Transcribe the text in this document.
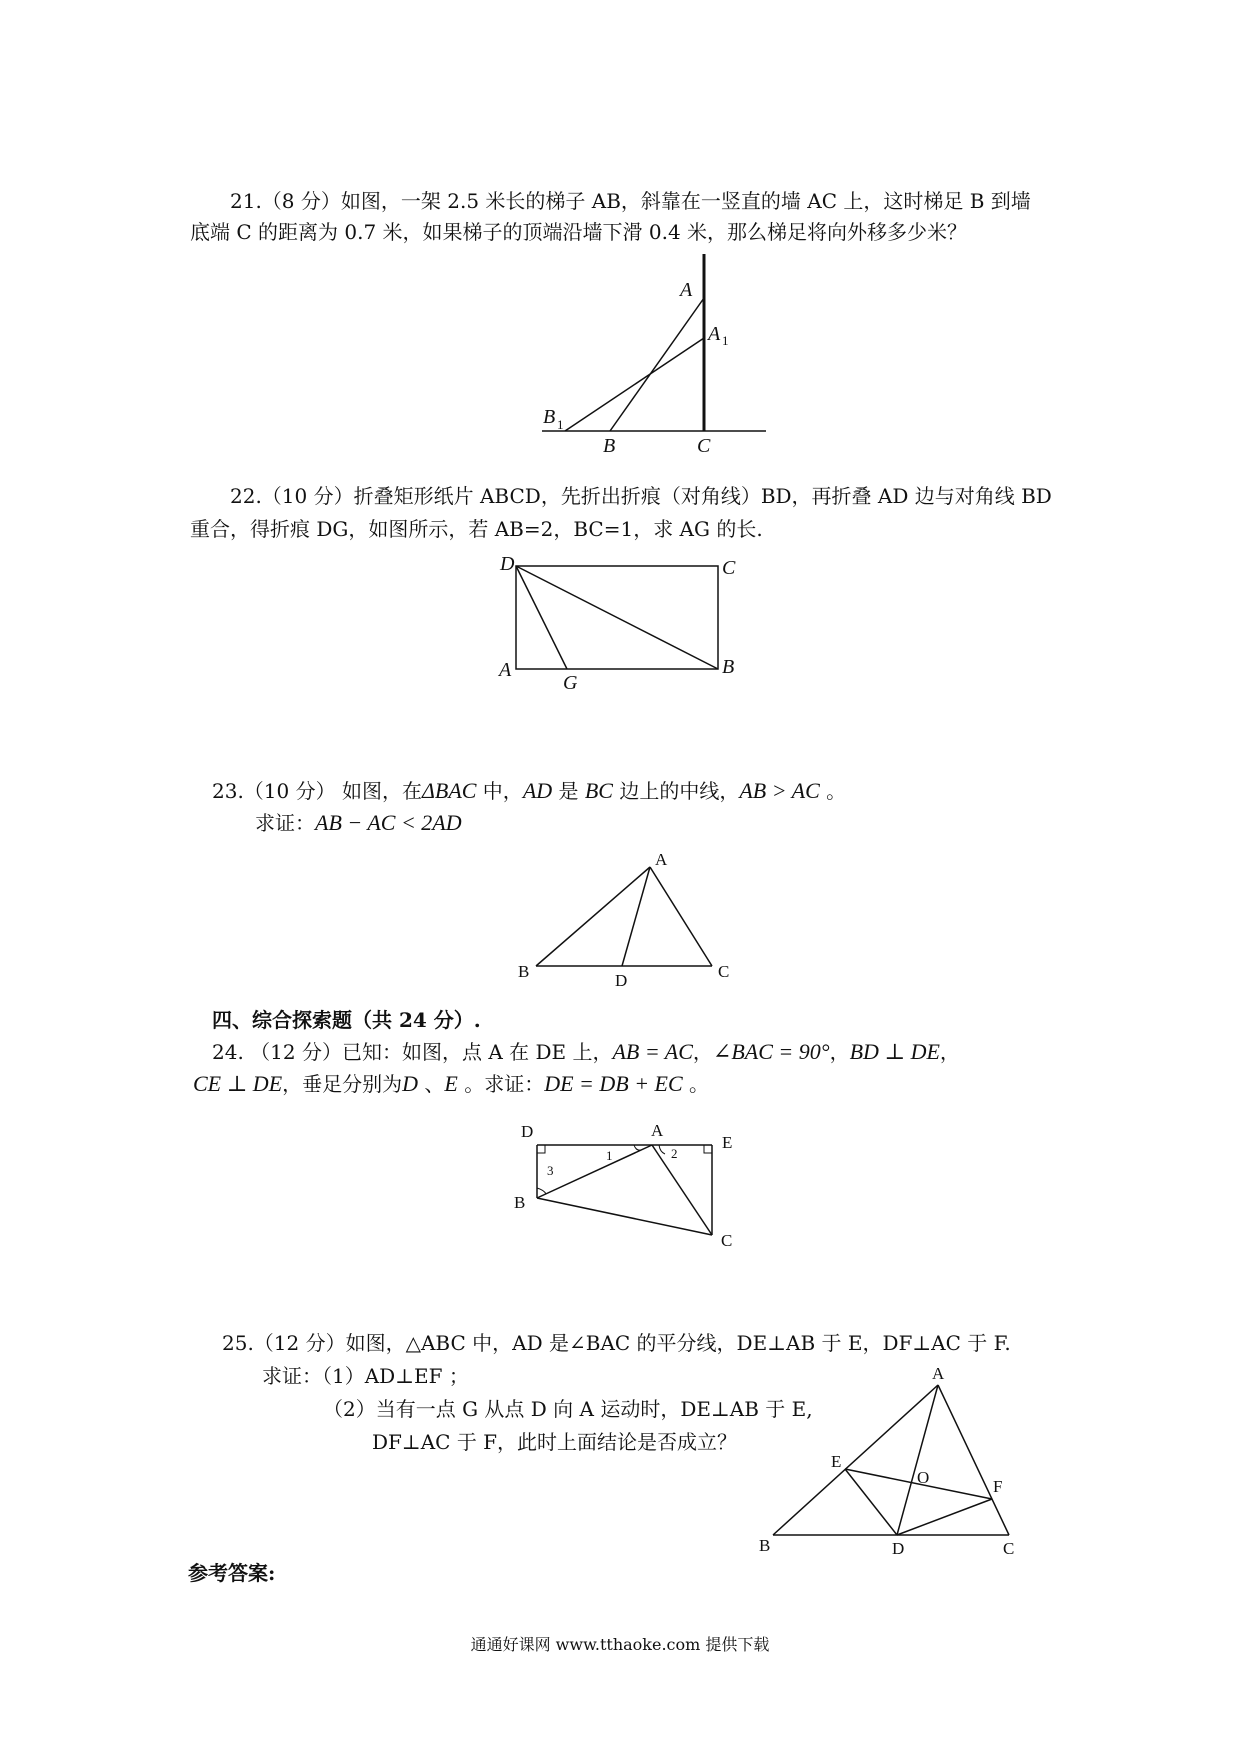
21.（8 分）如图，一架 2.5 米长的梯子 AB，斜靠在一竖直的墙 AC 上，这时梯足 B 到墙
底端 C 的距离为 0.7 米，如果梯子的顶端沿墙下滑 0.4 米，那么梯足将向外移多少米？
A
A 1
B 1
B	C
22.（10 分）折叠矩形纸片 ABCD，先折出折痕（对角线）BD，再折叠 AD 边与对角线 BD
重合，得折痕 DG，如图所示，若 AB=2，BC=1，求 AG 的长.
D	C
A
G
B
23.（10 分） 如图，在ΔBAC 中，AD 是 BC 边上的中线，AB > AC 。
求证：AB − AC < 2AD
A
B	D	C
四、综合探索题（共 24 分）.
24. （12 分）已知：如图，点 A 在 DE 上，AB = AC，∠BAC = 90°，BD ⊥ DE，
CE ⊥ DE，垂足分别为D 、E 。求证：DE = DB + EC 。
D	A
E
B
C
1	2
3
25.（12 分）如图，△ABC 中，AD 是∠BAC 的平分线，DE⊥AB 于 E，DF⊥AC 于 F.
求证：（1）AD⊥EF ；
（2）当有一点 G 从点 D 向 A 运动时，DE⊥AB 于 E,
DF⊥AC 于 F，此时上面结论是否成立？
A
E
O	F
B	D	C
参考答案:
通通好课网 www.tthaoke.com 提供下载
